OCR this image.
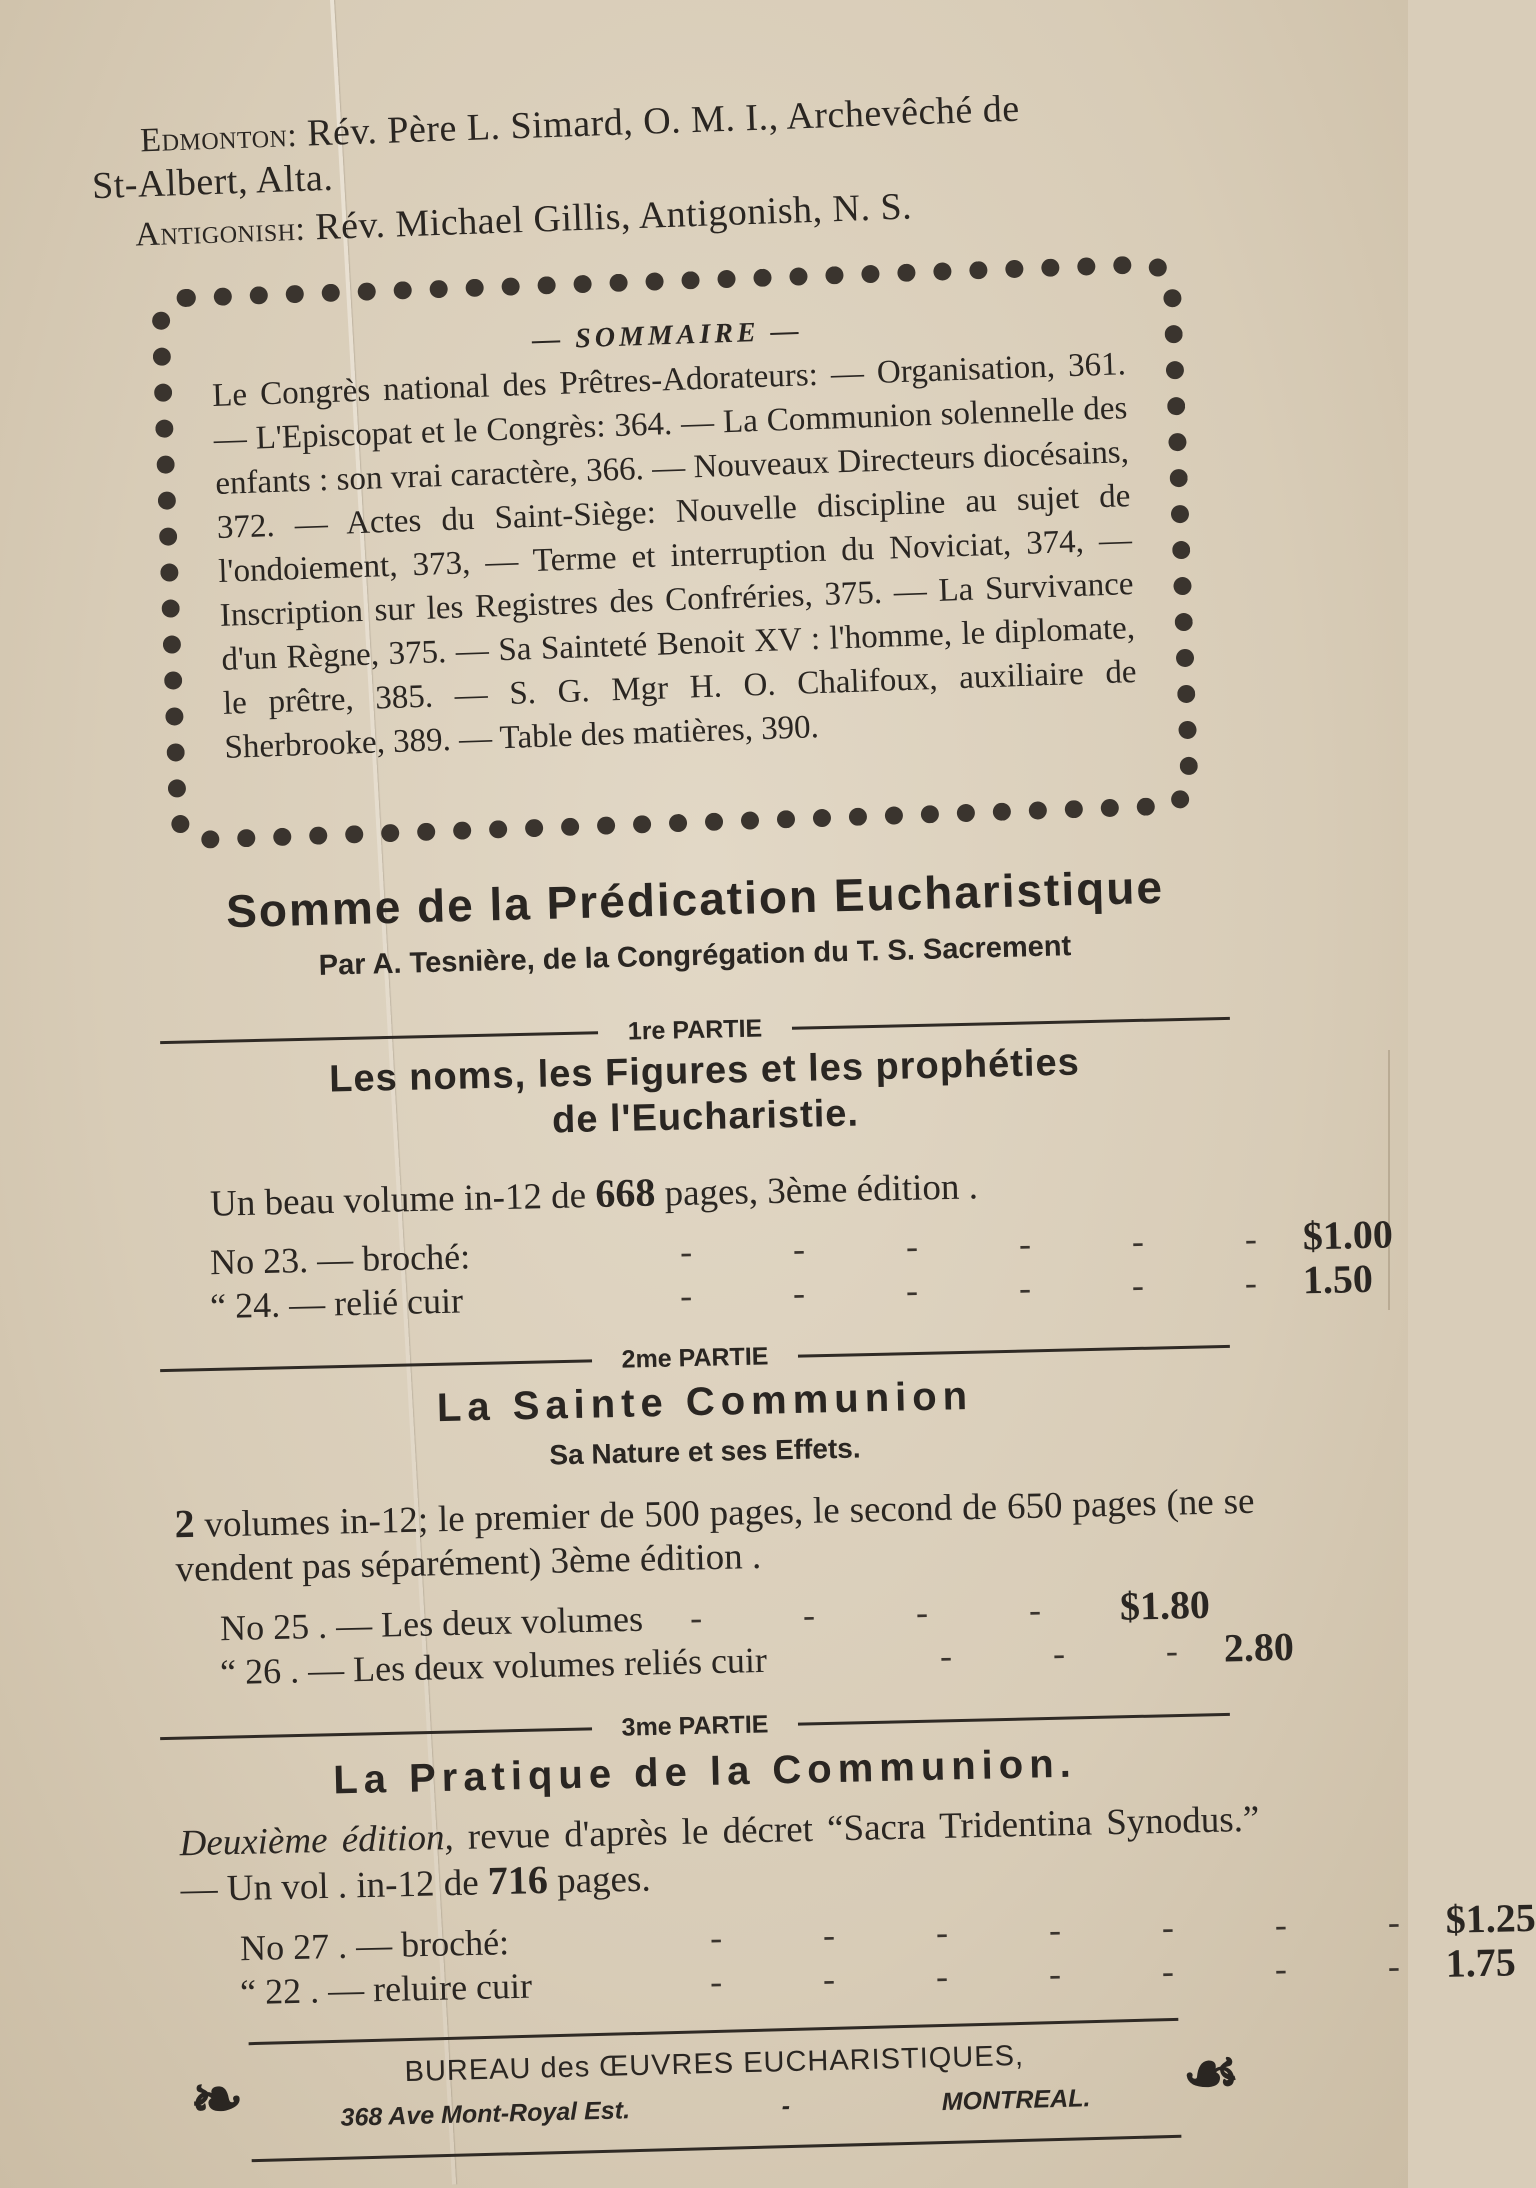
Edmonton: Rév. Père L. Simard, O. M. I., Archevêché de
St-Albert, Alta.
Antigonish: Rév. Michael Gillis, Antigonish, N. S.
— SOMMAIRE —
Le Congrès national des Prêtres-Adorateurs: — Organisation, 361. — L'Episcopat et le Congrès: 364. — La Communion solennelle des enfants : son vrai caractère, 366. — Nouveaux Directeurs diocésains, 372. — Actes du Saint-Siège: Nouvelle discipline au sujet de l'ondoiement, 373, — Terme et interruption du Noviciat, 374, — Inscription sur les Registres des Confréries, 375. — La Survivance d'un Règne, 375. — Sa Sainteté Benoit XV : l'homme, le diplomate, le prêtre, 385. — S. G. Mgr H. O. Chalifoux, auxiliaire de Sherbrooke, 389. — Table des matières, 390.
Somme de la Prédication Eucharistique
Par A. Tesnière, de la Congrégation du T. S. Sacrement
1re PARTIE
Les noms, les Figures et les prophéties
de l'Eucharistie.
Un beau volume in-12 de 668 pages, 3ème édition .
No 23. — broché:	- - - - - - $1.00
“ 24. — relié cuir	- - - - - - 1.50
2me PARTIE
La Sainte Communion
Sa Nature et ses Effets.
2 volumes in-12; le premier de 500 pages, le second de 650 pages (ne se vendent pas séparément) 3ème édition .
No 25 . — Les deux volumes	- - - - $1.80
“ 26 . — Les deux volumes reliés cuir	- - - 2.80
3me PARTIE
La Pratique de la Communion.
Deuxième édition, revue d'après le décret “Sacra Tridentina Synodus.” — Un vol . in-12 de 716 pages.
No 27 . — broché:	- - - - - - - $1.25
“ 22 . — reluire cuir	- - - - - - - 1.75
❧	☙
BUREAU des ŒUVRES EUCHARISTIQUES,
368 Ave Mont-Royal Est.	-	MONTREAL.
